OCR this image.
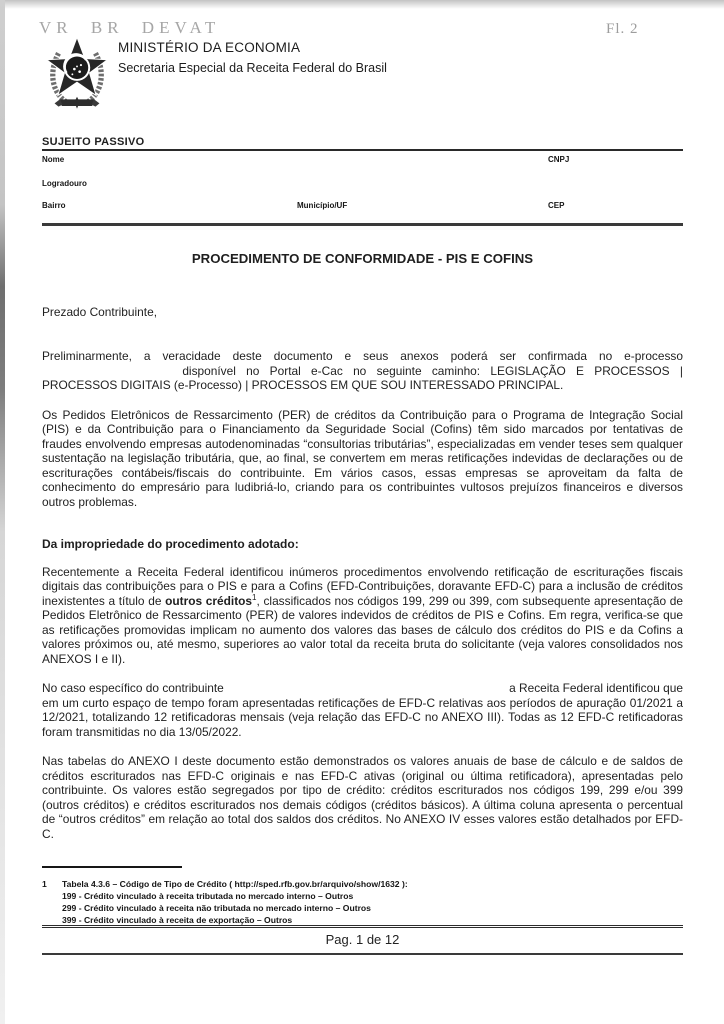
VR BR DEVAT	Fl. 2
MINISTÉRIO DA ECONOMIA
Secretaria Especial da Receita Federal do Brasil
SUJEITO PASSIVO
Nome	CNPJ
Logradouro
Bairro	Município/UF	CEP
PROCEDIMENTO DE CONFORMIDADE - PIS E COFINS

Prezado Contribuinte,

Preliminarmente, a veracidade deste documento e seus anexos poderá ser confirmada no e-processo disponível no Portal e-Cac no seguinte caminho: LEGISLAÇÃO E PROCESSOS | PROCESSOS DIGITAIS (e-Processo) | PROCESSOS EM QUE SOU INTERESSADO PRINCIPAL.

Os Pedidos Eletrônicos de Ressarcimento (PER) de créditos da Contribuição para o Programa de Integração Social (PIS) e da Contribuição para o Financiamento da Seguridade Social (Cofins) têm sido marcados por tentativas de fraudes envolvendo empresas autodenominadas “consultorias tributárias”, especializadas em vender teses sem qualquer sustentação na legislação tributária, que, ao final, se convertem em meras retificações indevidas de declarações ou de escriturações contábeis/fiscais do contribuinte. Em vários casos, essas empresas se aproveitam da falta de conhecimento do empresário para ludibriá-lo, criando para os contribuintes vultosos prejuízos financeiros e diversos outros problemas.

Da impropriedade do procedimento adotado:

Recentemente a Receita Federal identificou inúmeros procedimentos envolvendo retificação de escriturações fiscais digitais das contribuições para o PIS e para a Cofins (EFD-Contribuições, doravante EFD-C) para a inclusão de créditos inexistentes a título de outros créditos$^1$, classificados nos códigos 199, 299 ou 399, com subsequente apresentação de Pedidos Eletrônico de Ressarcimento (PER) de valores indevidos de créditos de PIS e Cofins. Em regra, verifica-se que as retificações promovidas implicam no aumento dos valores das bases de cálculo dos créditos do PIS e da Cofins a valores próximos ou, até mesmo, superiores ao valor total da receita bruta do solicitante (veja valores consolidados nos ANEXOS I e II).

No caso específico do contribuinte	a Receita Federal identificou que em um curto espaço de tempo foram apresentadas retificações de EFD-C relativas aos períodos de apuração 01/2021 a 12/2021, totalizando 12 retificadoras mensais (veja relação das EFD-C no ANEXO III). Todas as 12 EFD-C retificadoras foram transmitidas no dia 13/05/2022.

Nas tabelas do ANEXO I deste documento estão demonstrados os valores anuais de base de cálculo e de saldos de créditos escriturados nas EFD-C originais e nas EFD-C ativas (original ou última retificadora), apresentadas pelo contribuinte. Os valores estão segregados por tipo de crédito: créditos escriturados nos códigos 199, 299 e/ou 399 (outros créditos) e créditos escriturados nos demais códigos (créditos básicos). A última coluna apresenta o percentual de “outros créditos” em relação ao total dos saldos dos créditos. No ANEXO IV esses valores estão detalhados por EFD-C.

1	Tabela 4.3.6 – Código de Tipo de Crédito ( http://sped.rfb.gov.br/arquivo/show/1632 ):
199 - Crédito vinculado à receita tributada no mercado interno – Outros
299 - Crédito vinculado à receita não tributada no mercado interno – Outros
399 - Crédito vinculado à receita de exportação – Outros
Pag. 1 de 12
